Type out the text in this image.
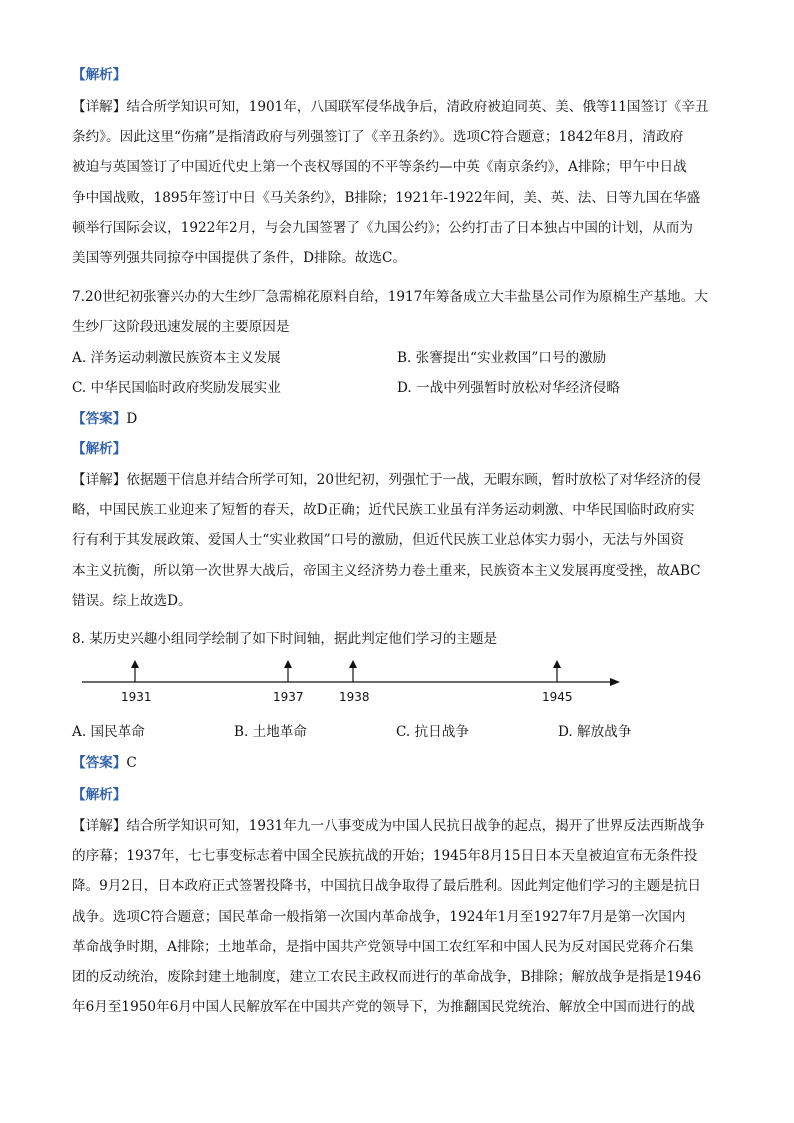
【解析】
【详解】结合所学知识可知，1901年，八国联军侵华战争后，清政府被迫同英、美、俄等11国签订《辛丑
条约》。因此这里“伤痛”是指清政府与列强签订了《辛丑条约》。选项C符合题意；1842年8月，清政府
被迫与英国签订了中国近代史上第一个丧权辱国的不平等条约—中英《南京条约》，A排除；甲午中日战
争中国战败，1895年签订中日《马关条约》，B排除；1921年-1922年间，美、英、法、日等九国在华盛
顿举行国际会议，1922年2月，与会九国签署了《九国公约》；公约打击了日本独占中国的计划，从而为
美国等列强共同掠夺中国提供了条件，D排除。故选C。
7.20世纪初张謇兴办的大生纱厂急需棉花原料自给，1917年筹备成立大丰盐垦公司作为原棉生产基地。大
生纱厂这阶段迅速发展的主要原因是
A. 洋务运动刺激民族资本主义发展	B. 张謇提出“实业救国”口号的激励
C. 中华民国临时政府奖励发展实业	D. 一战中列强暂时放松对华经济侵略
【答案】D
【解析】
【详解】依据题干信息并结合所学可知，20世纪初，列强忙于一战，无暇东顾，暂时放松了对华经济的侵
略，中国民族工业迎来了短暂的春天，故D正确；近代民族工业虽有洋务运动刺激、中华民国临时政府实
行有利于其发展政策、爱国人士“实业救国”口号的激励，但近代民族工业总体实力弱小，无法与外国资
本主义抗衡，所以第一次世界大战后，帝国主义经济势力卷土重来，民族资本主义发展再度受挫，故ABC
错误。综上故选D。
8. 某历史兴趣小组同学绘制了如下时间轴，据此判定他们学习的主题是
1931	1937	1938	1945
A. 国民革命	B. 土地革命	C. 抗日战争	D. 解放战争
【答案】C
【解析】
【详解】结合所学知识可知，1931年九一八事变成为中国人民抗日战争的起点，揭开了世界反法西斯战争
的序幕；1937年，七七事变标志着中国全民族抗战的开始；1945年8月15日日本天皇被迫宣布无条件投
降。9月2日，日本政府正式签署投降书，中国抗日战争取得了最后胜利。因此判定他们学习的主题是抗日
战争。选项C符合题意；国民革命一般指第一次国内革命战争，1924年1月至1927年7月是第一次国内
革命战争时期，A排除；土地革命，是指中国共产党领导中国工农红军和中国人民为反对国民党蒋介石集
团的反动统治，废除封建土地制度，建立工农民主政权而进行的革命战争，B排除；解放战争是指是1946
年6月至1950年6月中国人民解放军在中国共产党的领导下，为推翻国民党统治、解放全中国而进行的战
